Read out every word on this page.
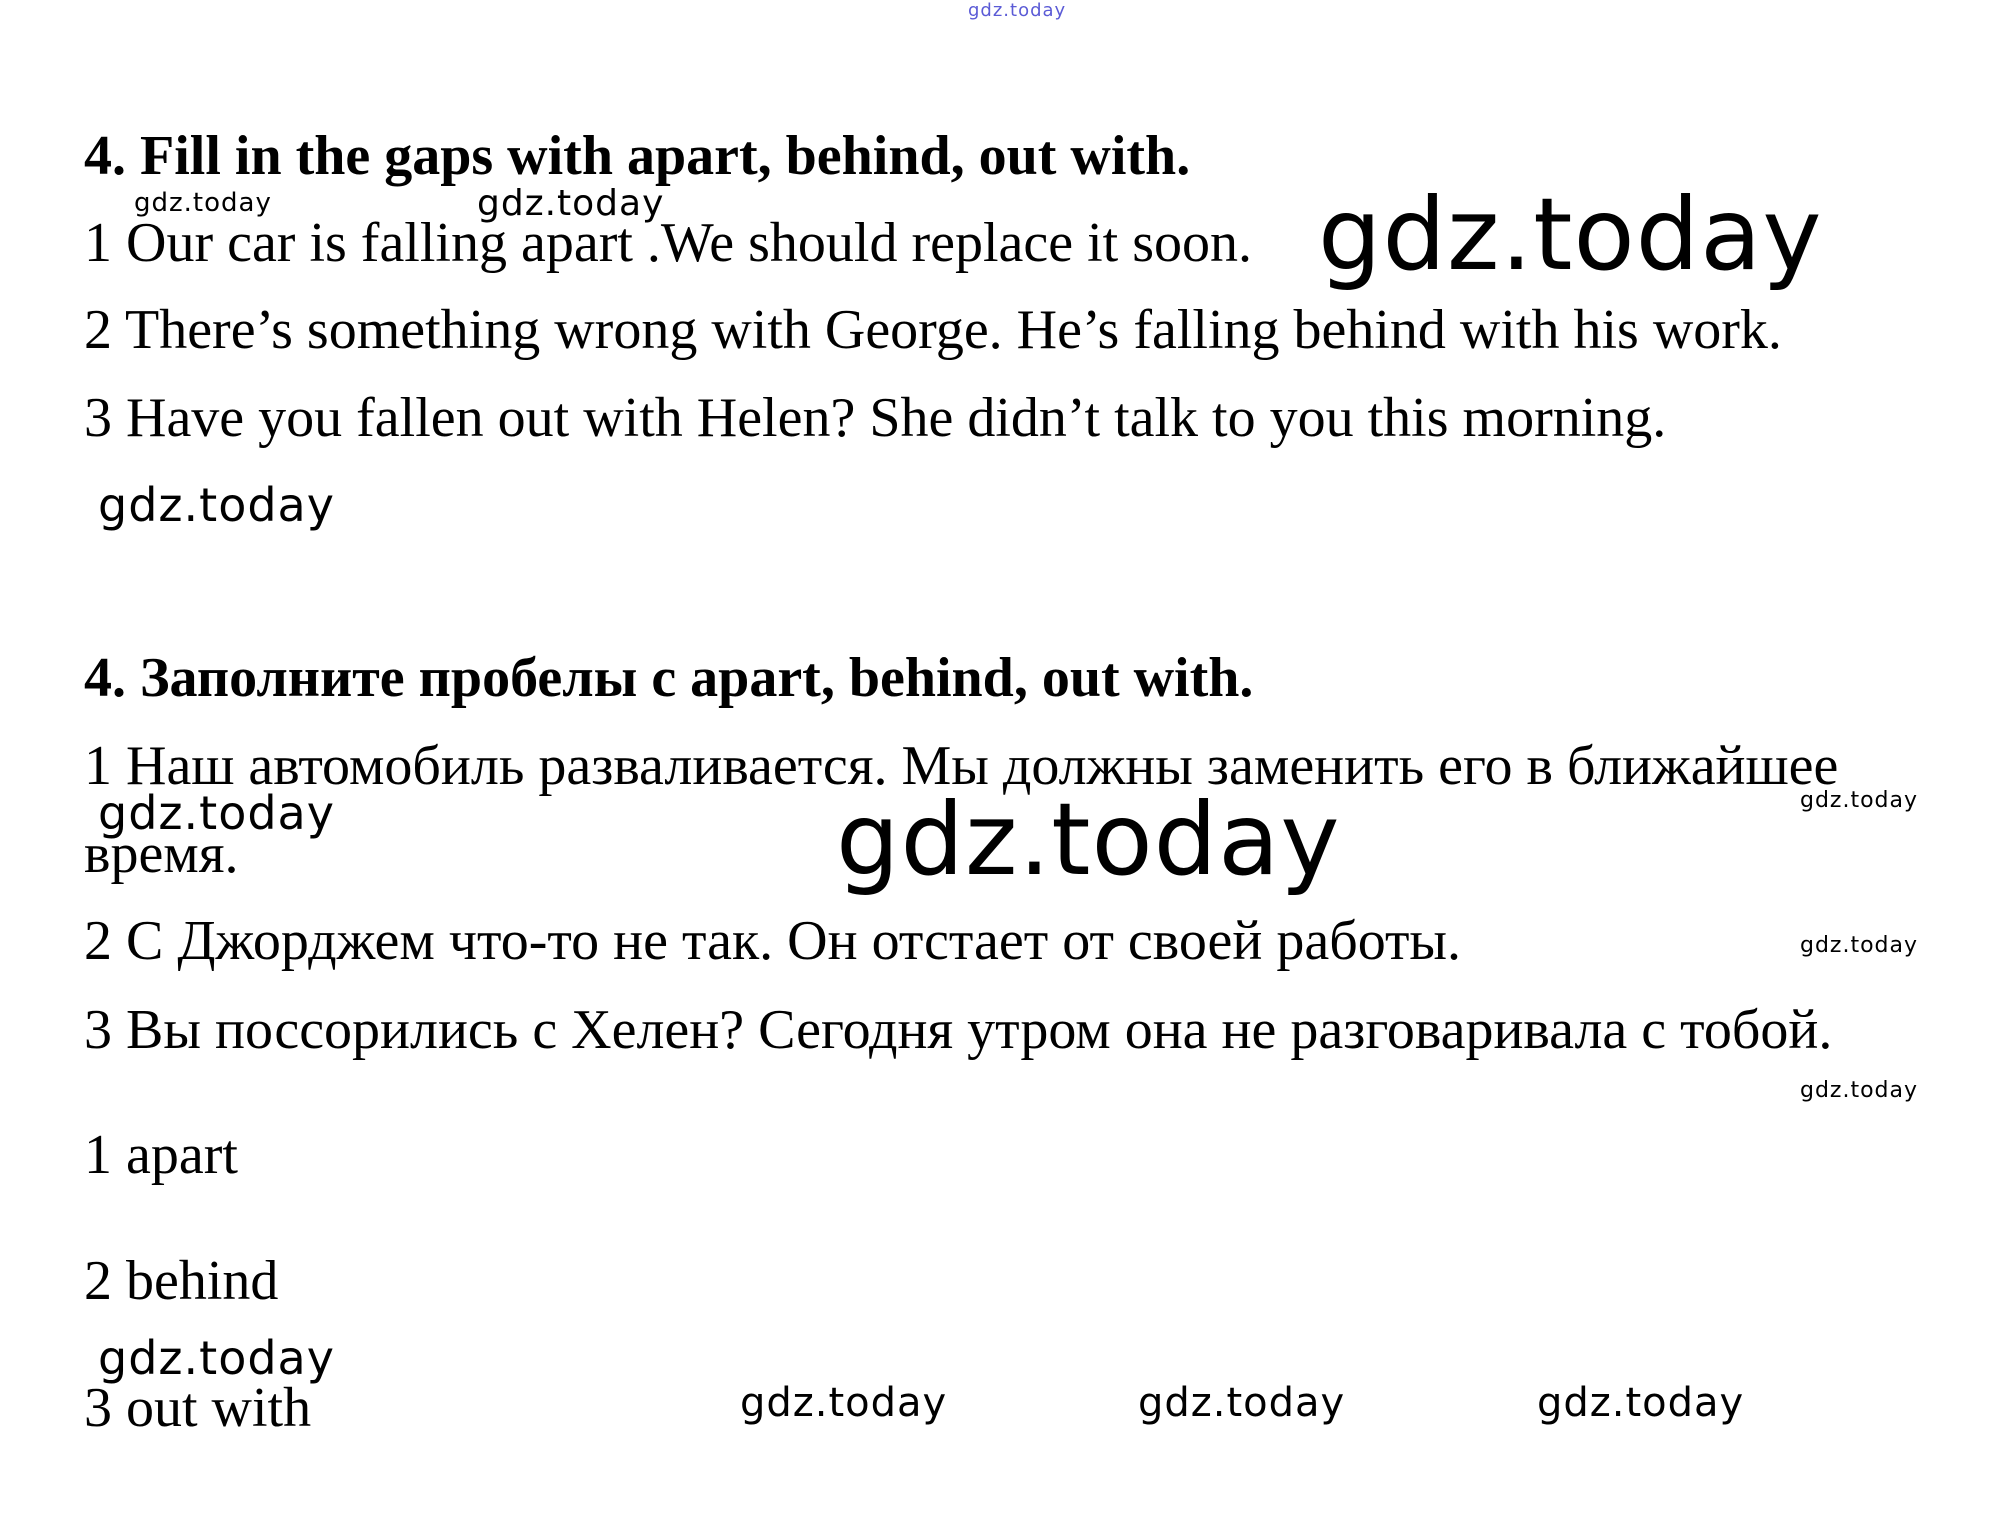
gdz.today
gdz.today	gdz.today	gdz.today
gdz.today
gdz.today	gdz.today	gdz.today
gdz.today
gdz.today
gdz.today
gdz.today	gdz.today	gdz.today
4. Fill in the gaps with apart, behind, out with.
1 Our car is falling apart .We should replace it soon.
2 There’s something wrong with George. He’s falling behind with his work.
3 Have you fallen out with Helen? She didn’t talk to you this morning.
4. Заполните пробелы с apart, behind, out with.
1 Наш автомобиль разваливается. Мы должны заменить его в ближайшее
время.
2 С Джорджем что-то не так. Он отстает от своей работы.
3 Вы поссорились с Хелен? Сегодня утром она не разговаривала с тобой.
1 apart
2 behind
3 out with
